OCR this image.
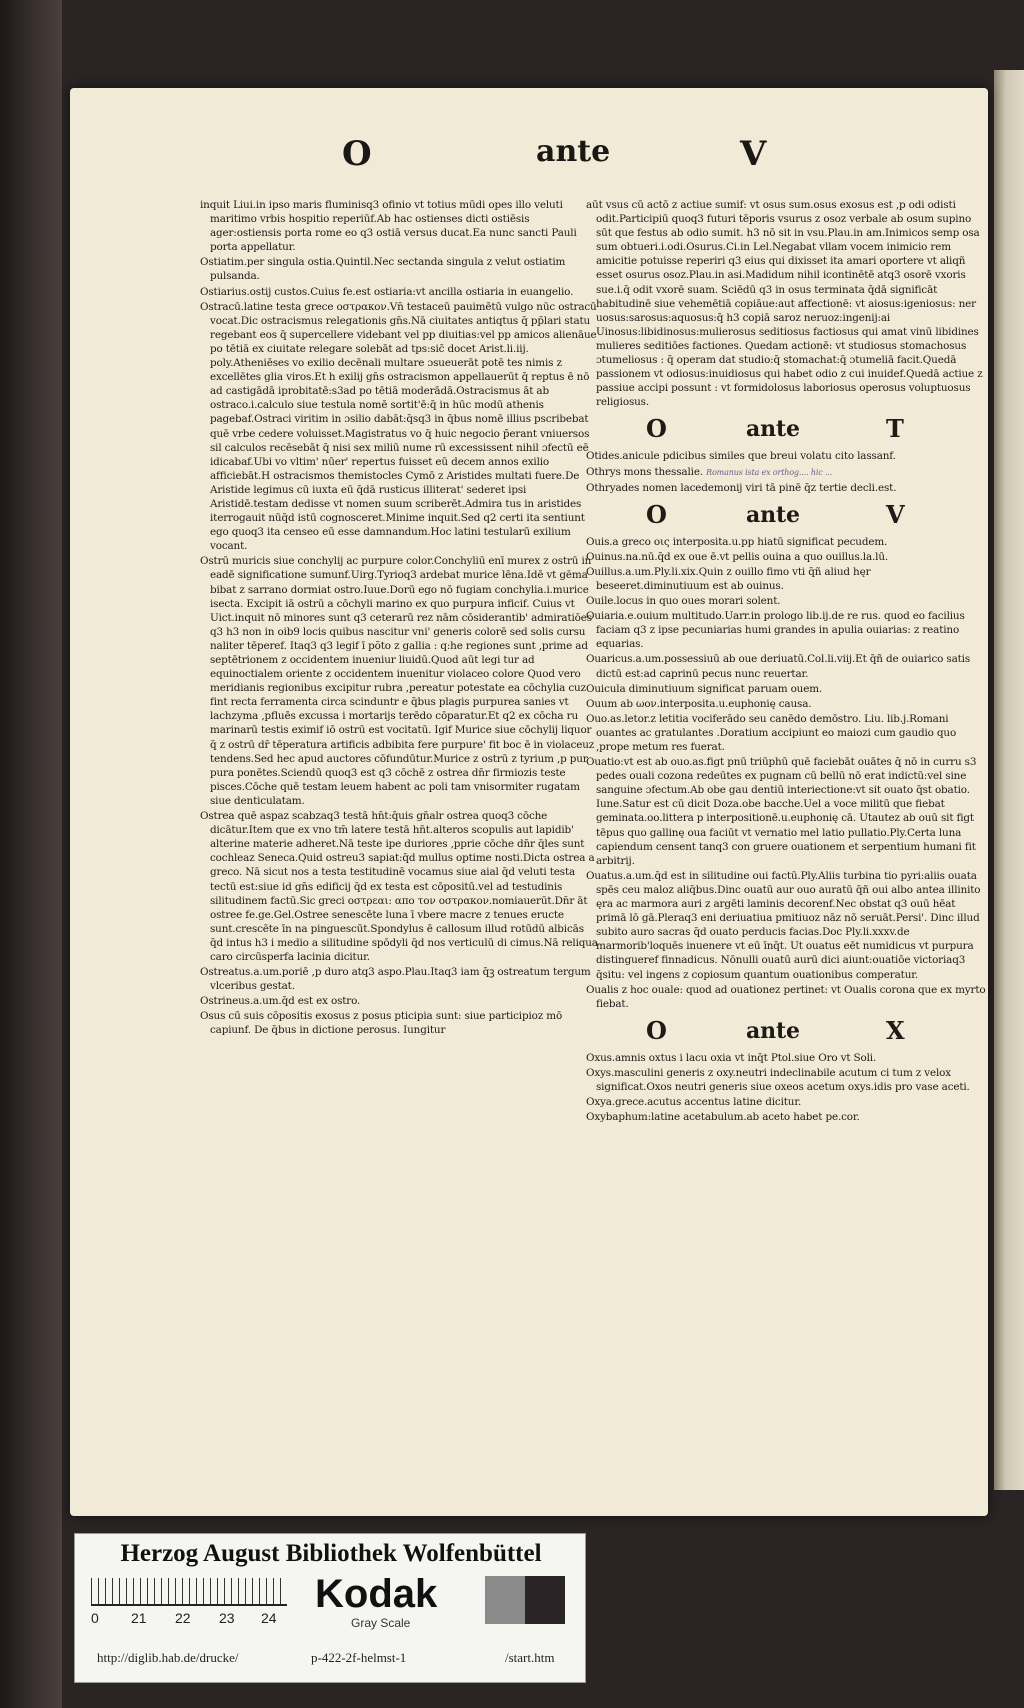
O	ante	V

inquit Liui.in ipso maris fluminisq3 ofinio vt totius mūdi opes illo veluti maritimo vrbis hospitio reperiūf.Ab hac ostienses dicti ostiēsis ager:ostiensis porta rome eo q3 ostiā versus ducat.Ea nunc sancti Pauli porta appellatur.

Ostiatim.per singula ostia.Quintil.Nec sectanda singula z velut ostiatim pulsanda.

Ostiarius.ostij custos.Cuius fe.est ostiaria:vt ancilla ostiaria in euangelio.

Ostracū.latine testa grece οστρακον.Vn̄ testaceū pauimētū vulgo nūc ostracū vocat.Dic ostracismus relegationis gn̄s.Nā ciuitates antiqtus q̄ pp̄lari statu regebant eos q̄ supercellere videbant vel pp diuitias:vel pp amicos alienāue po tētiā ex ciuitate relegare solebāt ad tps:sic̄ docet Arist.li.iij. poly.Atheniēses vo exilio decēnali multare ɔsueuerāt potē tes nimis z excellētes glia viros.Et h exilij gn̄s ostracismon appellauerūt q̄ reptus ē nō ad castigādā iprobitatē:s3ad po tētiā moderādā.Ostracismus āt ab ostraco.i.calculo siue testula nomē sortit'ē:q̄ in hūc modū athenis pagebaf.Ostraci viritim in ɔsilio dabāt:q̄sq3 in q̄bus nomē illius pscribebat quē vrbe cedere voluisset.Magistratus vo q̄ huic negocio p̄erant vniuersos sil calculos recēsebāt q̄ nisi sex miliū nume rū excessissent nihil ɔfectū eē idicabaf.Ubi vo vltim' nūer' repertus fuisset eū decem annos exilio afficiebāt.H ostracismos themistocles Cymō z Aristides multati fuere.De Aristide legimus cū iuxta eū q̄dā rusticus illiterat' sederet ipsi Aristidē.testam dedisse vt nomen suum scriberēt.Admira tus in aristides iterrogauit nūq̄d istū cognosceret.Minime inquit.Sed q2 certi ita sentiunt ego quoq3 ita censeo eū esse damnandum.Hoc latini testularū exilium vocant.

Ostrū muricis siue conchylij ac purpure color.Conchyliū enī murex z ostrū in eadē significatione sumunf.Uirg.Tyrioq3 ardebat murice lēna.Idē vt gēma bibat z sarrano dormiat ostro.Iuue.Dorū ego nō fugiam conchylia.i.murice isecta. Excipit iā ostrū a cōchyli marino ex quo purpura inficif. Cuius vt Uict.inquit nō minores sunt q3 ceterarū rez nām cōsiderantib' admiratiōes q3 h3 non in oib9 locis quibus nascitur vni' generis colorē sed solis cursu naliter tēperef. Itaq3 q3 legif ī põto z gallia : q:he regiones sunt ,prime ad septētrionem z occidentem inueniur liuidū.Quod aūt legi tur ad equinoctialem oriente z occidentem inuenitur violaceo colore Quod vero meridianis regionibus excipitur rubra ,pereatur potestate ea cōchylia cuz fint recta ferramenta circa scinduntr e q̄bus plagis purpurea sanies vt lachzyma ,pfluēs excussa i mortarijs terēdo cōparatur.Et q2 ex cōcha ru marinarū testis eximif iō ostrū est vocitatū. Igif Murice siue cōchylij liquor q̄ z ostrū dr̄ tēperatura artificis adbibita fere purpure' fit boc ē in violaceuz tendens.Sed hec apud auctores cōfundūtur.Murice z ostrū z tyrium ,p pur pura ponētes.Sciendū quoq3 est q3 cōchē z ostrea dn̄r firmiozis teste pisces.Cōche quē testam leuem habent ac poli tam vnisormiter rugatam siue denticulatam.

Ostrea quē aspaz scabzaq3 testā hn̄t:q̄uis gn̄alr ostrea quoq3 cōche dicātur.Item que ex vno tm̄ latere testā hn̄t.alteros scopulis aut lapidib' alterine materie adheret.Nā teste ipe duriores ,pprie cōche dn̄r q̄les sunt cochleaz Seneca.Quid ostreu3 sapiat:q̄d mullus optime nosti.Dicta ostrea a greco. Nā sicut nos a testa testitudinē vocamus siue aial q̄d veluti testa tectū est:siue id gn̄s edificij q̄d ex testa est cōpositū.vel ad testudinis silitudinem factū.Sic greci οστρεαι: απο τον οστρακον.nomiauerūt.Dn̄r āt ostree fe.ge.Gel.Ostree senescēte luna ī vbere macre z tenues eructe sunt.crescēte īn na pinguescūt.Spondylus ē callosum illud rotūdū albicās q̄d intus h3 i medio a silitudine spōdyli q̄d nos verticulū di cimus.Nā reliqua caro circūsperfa lacinia dicitur.

Ostreatus.a.um.poriē ,p duro atq3 aspo.Plau.Itaq3 iam q̄ꝫ ostreatum tergum vlceribus gestat.

Ostrineus.a.um.q̄d est ex ostro.

Osus cū suis cōpositis exosus z posus pticipia sunt: siue participioz mō capiunf. De q̄bus in dictione perosus. Iungitur

aūt vsus cū actō z actiue sumif: vt osus sum.osus exosus est ,p odi odisti odit.Participiū quoq3 futuri tēporis vsurus z osoz verbale ab osum supino sūt que festus ab odio sumit. h3 nō sit in vsu.Plau.in am.Inimicos semp osa sum obtueri.i.odi.Osurus.Ci.in Lel.Negabat vllam vocem inimicio rem amicitie potuisse reperiri q3 eius qui dixisset ita amari oportere vt aliqñ esset osurus osoz.Plau.in asi.Madidum nihil icontinētē atq3 osorē vxoris sue.i.q̄ odit vxorē suam. Sciēdū q3 in osus terminata q̄dā significāt habitudinē siue vehemētiā copiāue:aut affectionē: vt aiosus:igeniosus: ner uosus:sarosus:aquosus:q̄ h3 copiā saroz neruoz:ingenij:ai Uinosus:libidinosus:mulierosus seditiosus factiosus qui amat vinū libidines mulieres seditiōes factiones. Quedam actionē: vt studiosus stomachosus ɔtumeliosus : q̄ operam dat studio:q̄ stomachat:q̄ ɔtumeliā facit.Quedā passionem vt odiosus:inuidiosus qui habet odio z cui inuidef.Quedā actiue z passiue accipi possunt : vt formidolosus laboriosus operosus voluptuosus religiosus.

O	ante	T

Otides.anicule pdicibus similes que breui volatu cito lassanf.

Othrys mons thessalie. Romanus ista ex orthog.... hic ...

Othryades nomen lacedemonij viri tā pinē q̄z tertie decli.est.

O	ante	V

Ouis.a greco οις interposita.u.pp hiatū significat pecudem.

Ouinus.na.nū.q̄d ex oue ē.vt pellis ouina a quo ouillus.la.lū.

Ouillus.a.um.Ply.li.xix.Quin z ouillo fimo vti q̄ñ aliud hęr beseeret.diminutiuum est ab ouinus.

Ouile.locus in quo oues morari solent.

Ouiaria.e.ouium multitudo.Uarr.in prologo lib.ij.de re rus. quod eo facilius faciam q3 z ipse pecuniarias humi grandes in apulia ouiarias: z reatino equarias.

Ouaricus.a.um.possessiuū ab oue deriuatū.Col.li.viij.Et q̄ñ de ouiarico satis dictū est:ad caprinū pecus nunc reuertar.

Ouicula diminutiuum significat paruam ouem.

Ouum ab ωον.interposita.u.euphonię causa.

Ouo.as.letor.z letitia vociferādo seu canēdo demōstro. Liu. lib.j.Romani ouantes ac gratulantes .Doratium accipiunt eo maiozi cum gaudio quo ,prope metum res fuerat.

Ouatio:vt est ab ouo.as.figt pnū triūphū quē faciebāt ouātes q̄ nō in curru s3 pedes ouali cozona redeūtes ex pugnam cū bellū nō erat indictū:vel sine sanguine ɔfectum.Ab obe gau dentiū interiectione:vt sit ouato q̄st obatio. Iune.Satur est cū dicit Doza.obe bacche.Uel a voce militū que fiebat geminata.oo.littera p interpositionē.u.euphonię cā. Utautez ab ouū sit figt tēpus quo gallinę oua faciūt vt vernatio mel latio pullatio.Ply.Certa luna capiendum censent tanq3 con gruere ouationem et serpentium humani fit arbitrij.

Ouatus.a.um.q̄d est in silitudine oui factū.Ply.Aliis turbina tio pyri:aliis ouata spēs ceu maloz aliq̄bus.Dinc ouatū aur ouo auratū q̄ñ oui albo antea illinito ęra ac marmora auri z argēti laminis decorenf.Nec obstat q3 ouū hēat primā lō gā.Pleraq3 eni deriuatiua pmitiuoz nāz nō seruāt.Persi'. Dinc illud subito auro sacras q̄d ouato perducis facias.Doc Ply.li.xxxv.de marmorib'loquēs inuenere vt eū īnq̄t. Ut ouatus eēt numidicus vt purpura distingueref finnadicus. Nōnulli ouatū aurū dici aiunt:ouatiōe victoriaq3 q̄situ: vel ingens z copiosum quantum ouationibus comperatur.

Oualis z hoc ouale: quod ad ouationez pertinet: vt Oualis corona que ex myrto fiebat.

O	ante	X

Oxus.amnis oxtus i lacu oxia vt inq̄t Ptol.siue Oro vt Soli.

Oxys.masculini generis z oxy.neutri indeclinabile acutum ci tum z velox significat.Oxos neutri generis siue oxeos acetum oxys.idis pro vase aceti.

Oxya.grece.acutus accentus latine dicitur.

Oxybaphum:latine acetabulum.ab aceto habet pe.cor.

Herzog August Bibliothek Wolfenbüttel
0 21 22 23 24
Kodak
Gray Scale
http://diglib.hab.de/drucke/	p-422-2f-helmst-1	/start.htm
